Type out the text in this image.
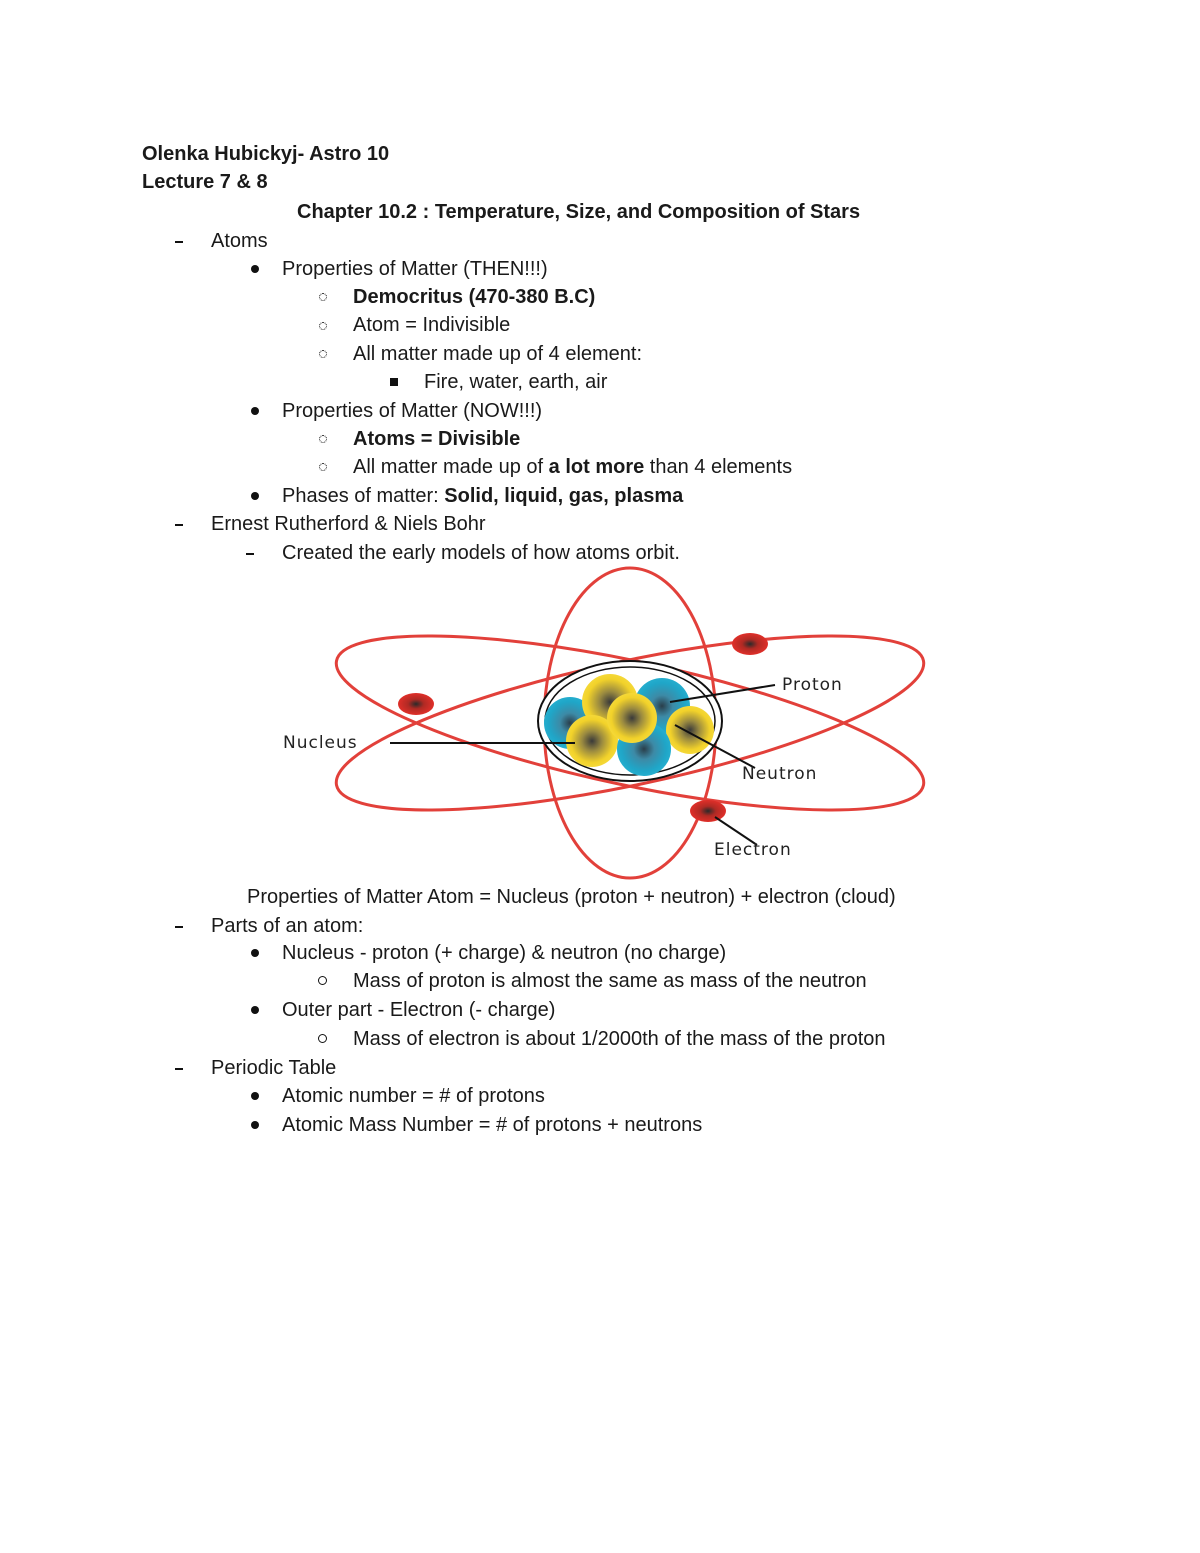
Olenka Hubickyj- Astro 10
Lecture 7 & 8
Chapter 10.2 : Temperature, Size, and Composition of Stars
Atoms
Properties of Matter (THEN!!!)
Democritus (470-380 B.C)
Atom = Indivisible
All matter made up of 4 element:
Fire, water, earth, air
Properties of Matter (NOW!!!)
Atoms = Divisible
All matter made up of a lot more than 4 elements
Phases of matter: Solid, liquid, gas, plasma
Ernest Rutherford & Niels Bohr
Created the early models of how atoms orbit.
Proton
Nucleus
Neutron
Electron
Properties of Matter Atom = Nucleus (proton + neutron) + electron (cloud)
Parts of an atom:
Nucleus - proton (+ charge) & neutron (no charge)
Mass of proton is almost the same as mass of the neutron
Outer part - Electron (- charge)
Mass of electron is about 1/2000th of the mass of the proton
Periodic Table
Atomic number = # of protons
Atomic Mass Number = # of protons + neutrons
